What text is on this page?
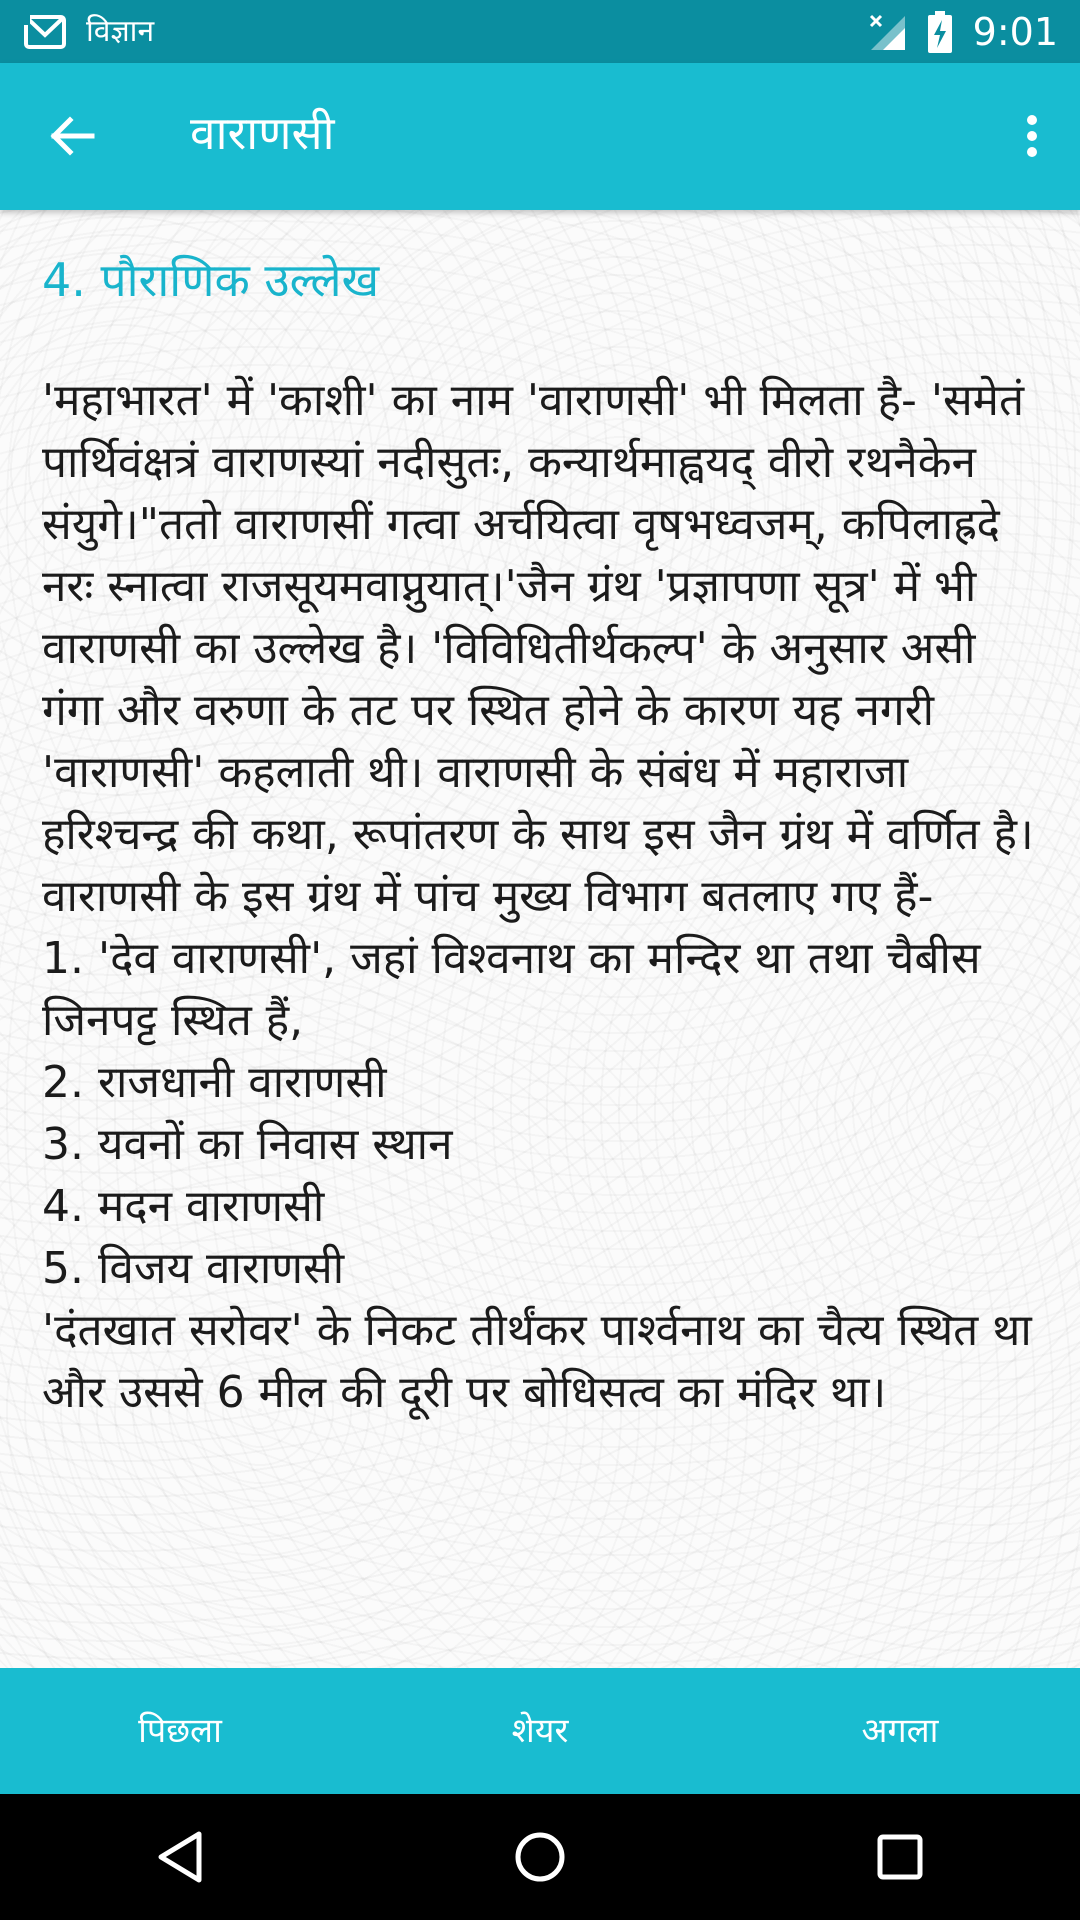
विज्ञान	9:01
वाराणसी
4. पौराणिक उल्लेख

'महाभारत' में 'काशी' का नाम 'वाराणसी' भी मिलता है- 'समेतं पार्थिवंक्षत्रं वाराणस्यां नदीसुतः, कन्यार्थमाह्वयद् वीरो रथनैकेन संयुगे।"ततो वाराणसीं गत्वा अर्चयित्वा वृषभध्वजम्, कपिलाह्रदे नरः स्नात्वा राजसूयमवाप्नुयात्।'जैन ग्रंथ 'प्रज्ञापणा सूत्र' में भी वाराणसी का उल्लेख है। 'विविधितीर्थकल्प' के अनुसार असी गंगा और वरुणा के तट पर स्थित होने के कारण यह नगरी 'वाराणसी' कहलाती थी। वाराणसी के संबंध में महाराजा हरिश्चन्द्र की कथा, रूपांतरण के साथ इस जैन ग्रंथ में वर्णित है। वाराणसी के इस ग्रंथ में पांच मुख्य विभाग बतलाए गए हैं-
1. 'देव वाराणसी', जहां विश्वनाथ का मन्दिर था तथा चैबीस जिनपट्ट स्थित हैं,
2. राजधानी वाराणसी
3. यवनों का निवास स्थान
4. मदन वाराणसी
5. विजय वाराणसी
'दंतखात सरोवर' के निकट तीर्थंकर पार्श्वनाथ का चैत्य स्थित था और उससे 6 मील की दूरी पर बोधिसत्व का मंदिर था।

पिछला	शेयर	अगला
